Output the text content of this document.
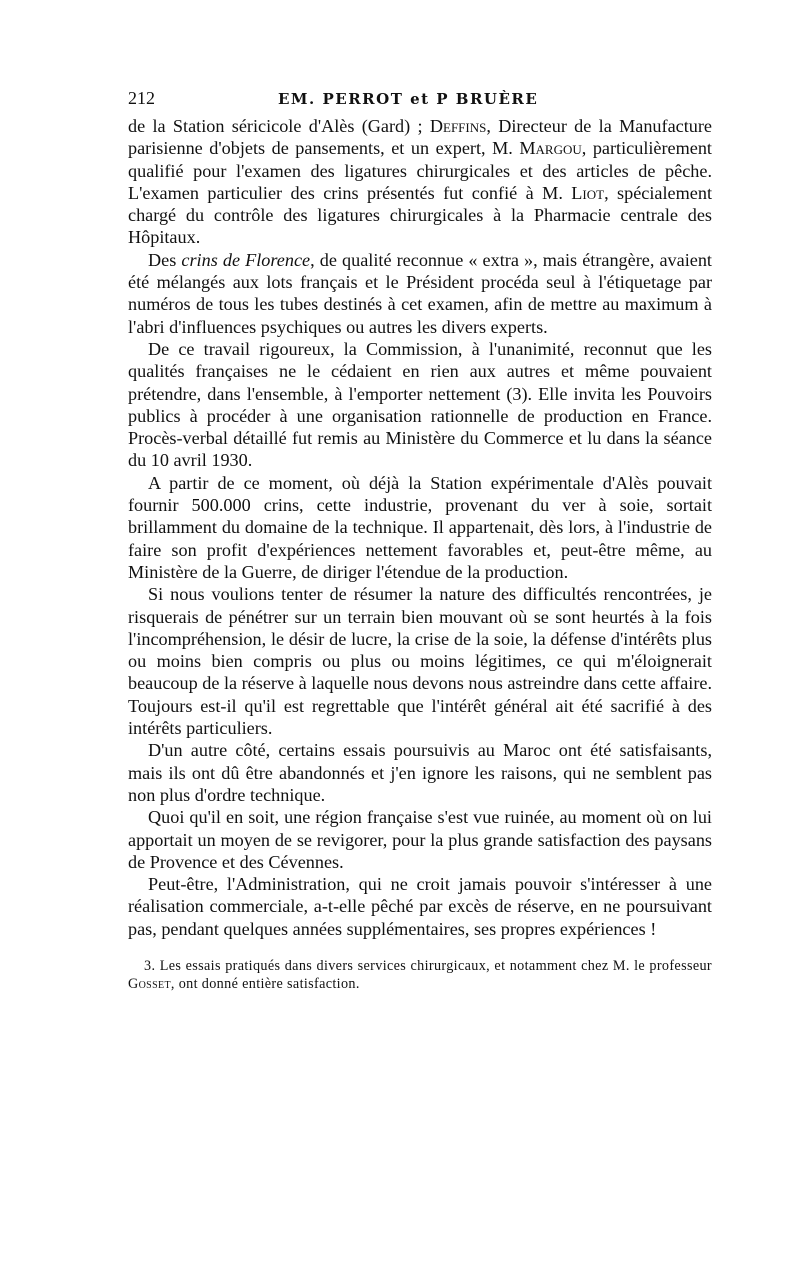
212	EM. PERROT et P BRUÈRE

de la Station séricicole d'Alès (Gard) ; Deffins, Directeur de la Manufacture parisienne d'objets de pansements, et un expert, M. Margou, particulièrement qualifié pour l'examen des ligatures chirurgicales et des articles de pêche. L'examen particulier des crins présentés fut confié à M. Liot, spécialement chargé du contrôle des ligatures chirurgicales à la Pharmacie centrale des Hôpitaux.

Des crins de Florence, de qualité reconnue « extra », mais étrangère, avaient été mélangés aux lots français et le Président procéda seul à l'étiquetage par numéros de tous les tubes destinés à cet examen, afin de mettre au maximum à l'abri d'influences psychiques ou autres les divers experts.

De ce travail rigoureux, la Commission, à l'unanimité, reconnut que les qualités françaises ne le cédaient en rien aux autres et même pouvaient prétendre, dans l'ensemble, à l'emporter nettement (3). Elle invita les Pouvoirs publics à procéder à une organisation rationnelle de production en France. Procès-verbal détaillé fut remis au Ministère du Commerce et lu dans la séance du 10 avril 1930.

A partir de ce moment, où déjà la Station expérimentale d'Alès pouvait fournir 500.000 crins, cette industrie, provenant du ver à soie, sortait brillamment du domaine de la technique. Il appartenait, dès lors, à l'industrie de faire son profit d'expériences nettement favorables et, peut-être même, au Ministère de la Guerre, de diriger l'étendue de la production.

Si nous voulions tenter de résumer la nature des difficultés rencontrées, je risquerais de pénétrer sur un terrain bien mouvant où se sont heurtés à la fois l'incompréhension, le désir de lucre, la crise de la soie, la défense d'intérêts plus ou moins bien compris ou plus ou moins légitimes, ce qui m'éloignerait beaucoup de la réserve à laquelle nous devons nous astreindre dans cette affaire. Toujours est-il qu'il est regrettable que l'intérêt général ait été sacrifié à des intérêts particuliers.

D'un autre côté, certains essais poursuivis au Maroc ont été satisfaisants, mais ils ont dû être abandonnés et j'en ignore les raisons, qui ne semblent pas non plus d'ordre technique.

Quoi qu'il en soit, une région française s'est vue ruinée, au moment où on lui apportait un moyen de se revigorer, pour la plus grande satisfaction des paysans de Provence et des Cévennes.

Peut-être, l'Administration, qui ne croit jamais pouvoir s'intéresser à une réalisation commerciale, a-t-elle pêché par excès de réserve, en ne poursuivant pas, pendant quelques années supplémentaires, ses propres expériences !

3. Les essais pratiqués dans divers services chirurgicaux, et notamment chez M. le professeur Gosset, ont donné entière satisfaction.
